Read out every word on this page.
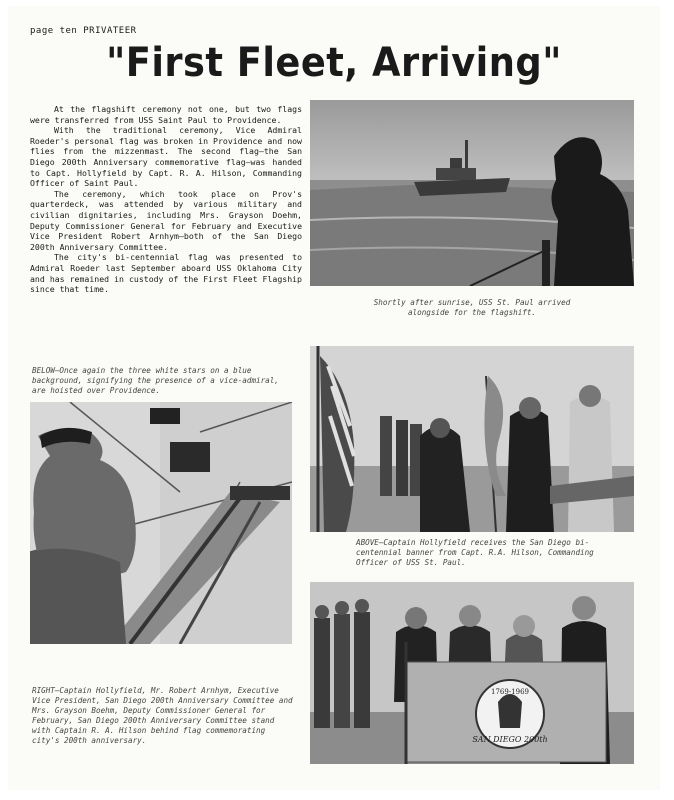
page ten PRIVATEER
"First Fleet, Arriving"

At the flagshift ceremony not one, but two flags were transferred from USS Saint Paul to Providence.

With the traditional ceremony, Vice Admiral Roeder's personal flag was broken in Providence and now flies from the mizzenmast. The second flag—the San Diego 200th Anniversary commemorative flag—was handed to Capt. Hollyfield by Capt. R. A. Hilson, Commanding Officer of Saint Paul.

The ceremony, which took place on Prov's quarterdeck, was attended by various military and civilian dignitaries, including Mrs. Grayson Doehm, Deputy Commissioner General for February and Executive Vice President Robert Arnhym—both of the San Diego 200th Anniversary Committee.

The city's bi-centennial flag was presented to Admiral Roeder last September aboard USS Oklahoma City and has remained in custody of the First Fleet Flagship since that time.

Shortly after sunrise, USS St. Paul arrived alongside for the flagshift.
BELOW—Once again the three white stars on a blue background, signifying the presence of a vice-admiral, are hoisted over Providence.
ABOVE—Captain Hollyfield receives the San Diego bi-centennial banner from Capt. R.A. Hilson, Commanding Officer of USS St. Paul.
1769-1969
SAN DIEGO 200th
RIGHT—Captain Hollyfield, Mr. Robert Arnhym, Executive Vice President, San Diego 200th Anniversary Committee and Mrs. Grayson Boehm, Deputy Commissioner General for February, San Diego 200th Anniversary Committee stand with Captain R. A. Hilson behind flag commemorating city's 200th anniversary.
